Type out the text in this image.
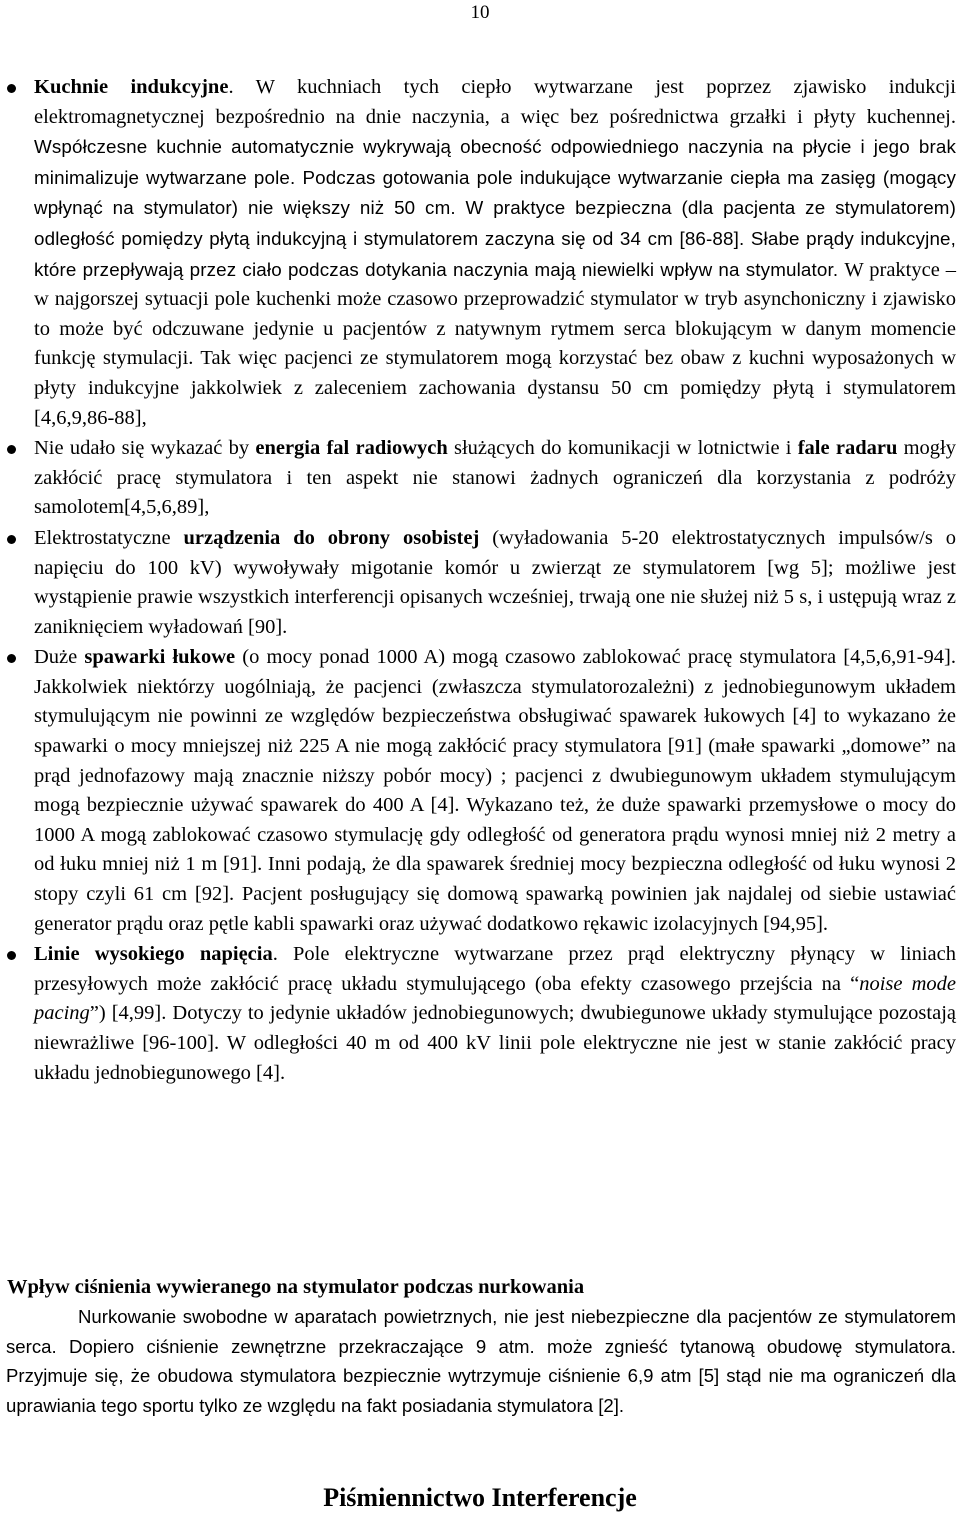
10
Kuchnie indukcyjne. W kuchniach tych ciepło wytwarzane jest poprzez zjawisko indukcji elektromagnetycznej bezpośrednio na dnie naczynia, a więc bez pośrednictwa grzałki i płyty kuchennej. Współczesne kuchnie automatycznie wykrywają obecność odpowiedniego naczynia na płycie i jego brak minimalizuje wytwarzane pole. Podczas gotowania pole indukujące wytwarzanie ciepła ma zasięg (mogący wpłynąć na stymulator) nie większy niż 50 cm. W praktyce bezpieczna (dla pacjenta ze stymulatorem) odległość pomiędzy płytą indukcyjną i stymulatorem zaczyna się od 34 cm [86-88]. Słabe prądy indukcyjne, które przepływają przez ciało podczas dotykania naczynia mają niewielki wpływ na stymulator. W praktyce – w najgorszej sytuacji pole kuchenki może czasowo przeprowadzić stymulator w tryb asynchoniczny i zjawisko to może być odczuwane jedynie u pacjentów z natywnym rytmem serca blokującym w danym momencie funkcję stymulacji. Tak więc pacjenci ze stymulatorem mogą korzystać bez obaw z kuchni wyposażonych w płyty indukcyjne jakkolwiek z zaleceniem zachowania dystansu 50 cm pomiędzy płytą i stymulatorem [4,6,9,86-88],
Nie udało się wykazać by energia fal radiowych służących do komunikacji w lotnictwie i fale radaru mogły zakłócić pracę stymulatora i ten aspekt nie stanowi żadnych ograniczeń dla korzystania z podróży samolotem[4,5,6,89],
Elektrostatyczne urządzenia do obrony osobistej (wyładowania 5-20 elektrostatycznych impulsów/s o napięciu do 100 kV) wywoływały migotanie komór u zwierząt ze stymulatorem [wg 5]; możliwe jest wystąpienie prawie wszystkich interferencji opisanych wcześniej, trwają one nie służej niż 5 s, i ustępują wraz z zaniknięciem wyładowań [90].
Duże spawarki łukowe (o mocy ponad 1000 A) mogą czasowo zablokować pracę stymulatora [4,5,6,91-94]. Jakkolwiek niektórzy uogólniają, że pacjenci (zwłaszcza stymulatorozależni) z jednobiegunowym układem stymulującym nie powinni ze względów bezpieczeństwa obsługiwać spawarek łukowych [4] to wykazano że spawarki o mocy mniejszej niż 225 A nie mogą zakłócić pracy stymulatora [91] (małe spawarki „domowe” na prąd jednofazowy mają znacznie niższy pobór mocy) ; pacjenci z dwubiegunowym układem stymulującym mogą bezpiecznie używać spawarek do 400 A [4]. Wykazano też, że duże spawarki przemysłowe o mocy do 1000 A mogą zablokować czasowo stymulację gdy odległość od generatora prądu wynosi mniej niż 2 metry a od łuku mniej niż 1 m [91]. Inni podają, że dla spawarek średniej mocy bezpieczna odległość od łuku wynosi 2 stopy czyli 61 cm [92]. Pacjent posługujący się domową spawarką powinien jak najdalej od siebie ustawiać generator prądu oraz pętle kabli spawarki oraz używać dodatkowo rękawic izolacyjnych [94,95].
Linie wysokiego napięcia. Pole elektryczne wytwarzane przez prąd elektryczny płynący w liniach przesyłowych może zakłócić pracę układu stymulującego (oba efekty czasowego przejścia na “noise mode pacing”) [4,99]. Dotyczy to jedynie układów jednobiegunowych; dwubiegunowe układy stymulujące pozostają niewrażliwe [96-100]. W odległości 40 m od 400 kV linii pole elektryczne nie jest w stanie zakłócić pracy układu jednobiegunowego [4].
Wpływ ciśnienia wywieranego na stymulator podczas nurkowania

Nurkowanie swobodne w aparatach powietrznych, nie jest niebezpieczne dla pacjentów ze stymulatorem serca. Dopiero ciśnienie zewnętrzne przekraczające 9 atm. może zgnieść tytanową obudowę stymulatora. Przyjmuje się, że obudowa stymulatora bezpiecznie wytrzymuje ciśnienie 6,9 atm [5] stąd nie ma ograniczeń dla uprawiania tego sportu tylko ze względu na fakt posiadania stymulatora [2].

Piśmiennictwo Interferencje
